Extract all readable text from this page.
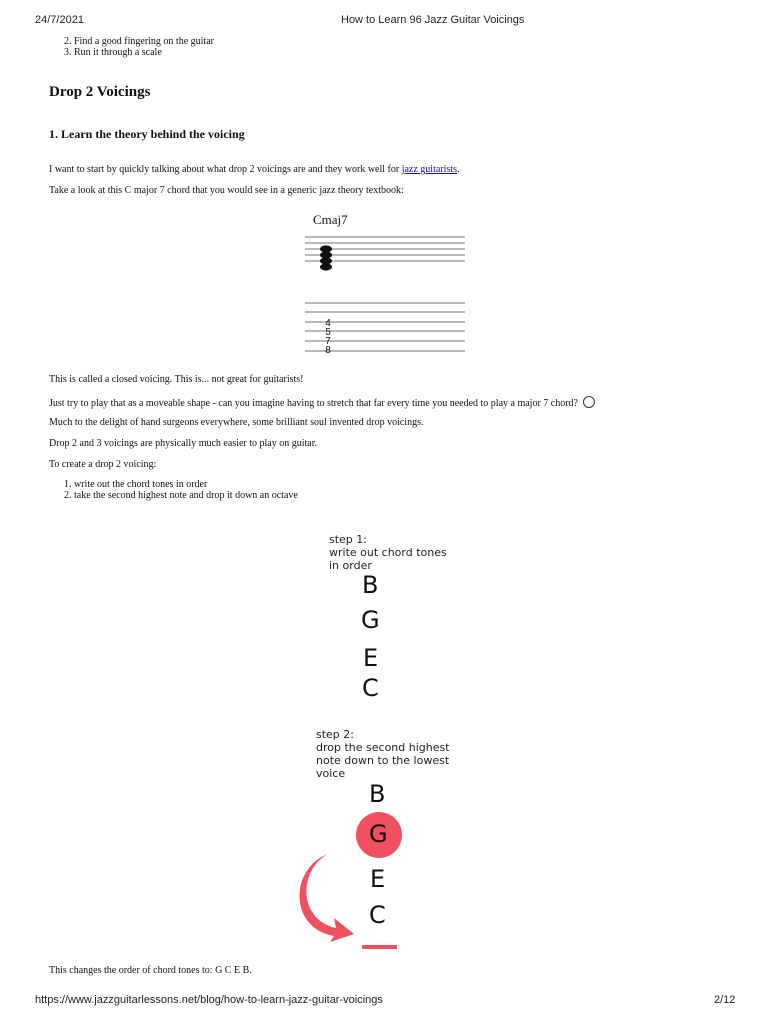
24/7/2021	How to Learn 96 Jazz Guitar Voicings
2. Find a good fingering on the guitar
3. Run it through a scale
Drop 2 Voicings
1. Learn the theory behind the voicing
I want to start by quickly talking about what drop 2 voicings are and they work well for jazz guitarists.
Take a look at this C major 7 chord that you would see in a generic jazz theory textbook:
Cmaj7
4
5
7
8
This is called a closed voicing. This is... not great for guitarists!
Just try to play that as a moveable shape - can you imagine having to stretch that far every time you needed to play a major 7 chord?
Much to the delight of hand surgeons everywhere, some brilliant soul invented drop voicings.
Drop 2 and 3 voicings are physically much easier to play on guitar.
To create a drop 2 voicing:
1. write out the chord tones in order
2. take the second highest note and drop it down an octave
step 1:
write out chord tones
in order
B
G
E
C
step 2:
drop the second highest
note down to the lowest
voice
B
G
E
C
This changes the order of chord tones to: G C E B.
https://www.jazzguitarlessons.net/blog/how-to-learn-jazz-guitar-voicings	2/12
